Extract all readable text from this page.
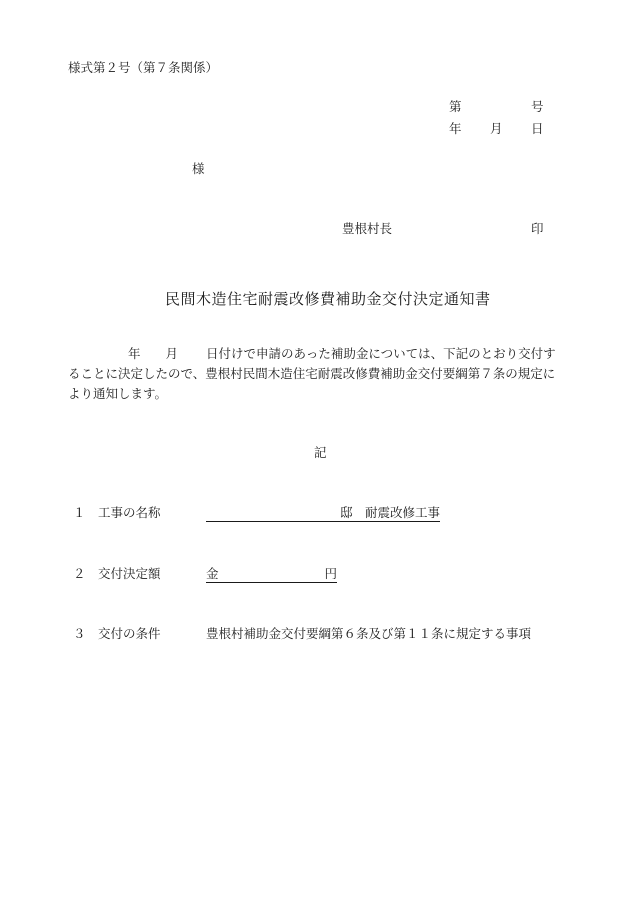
様式第２号（第７条関係）
第	号
年 月 日
様
豊根村長	印
民間木造住宅耐震改修費補助金交付決定通知書
年 月 日付けで申請のあった補助金については、下記のとおり交付す
ることに決定したので、豊根村民間木造住宅耐震改修費補助金交付要綱第７条の規定に
より通知します。
記
１ 工事の名称	邸　耐震改修工事
２ 交付決定額	金	円
３ 交付の条件	豊根村補助金交付要綱第６条及び第１１条に規定する事項
